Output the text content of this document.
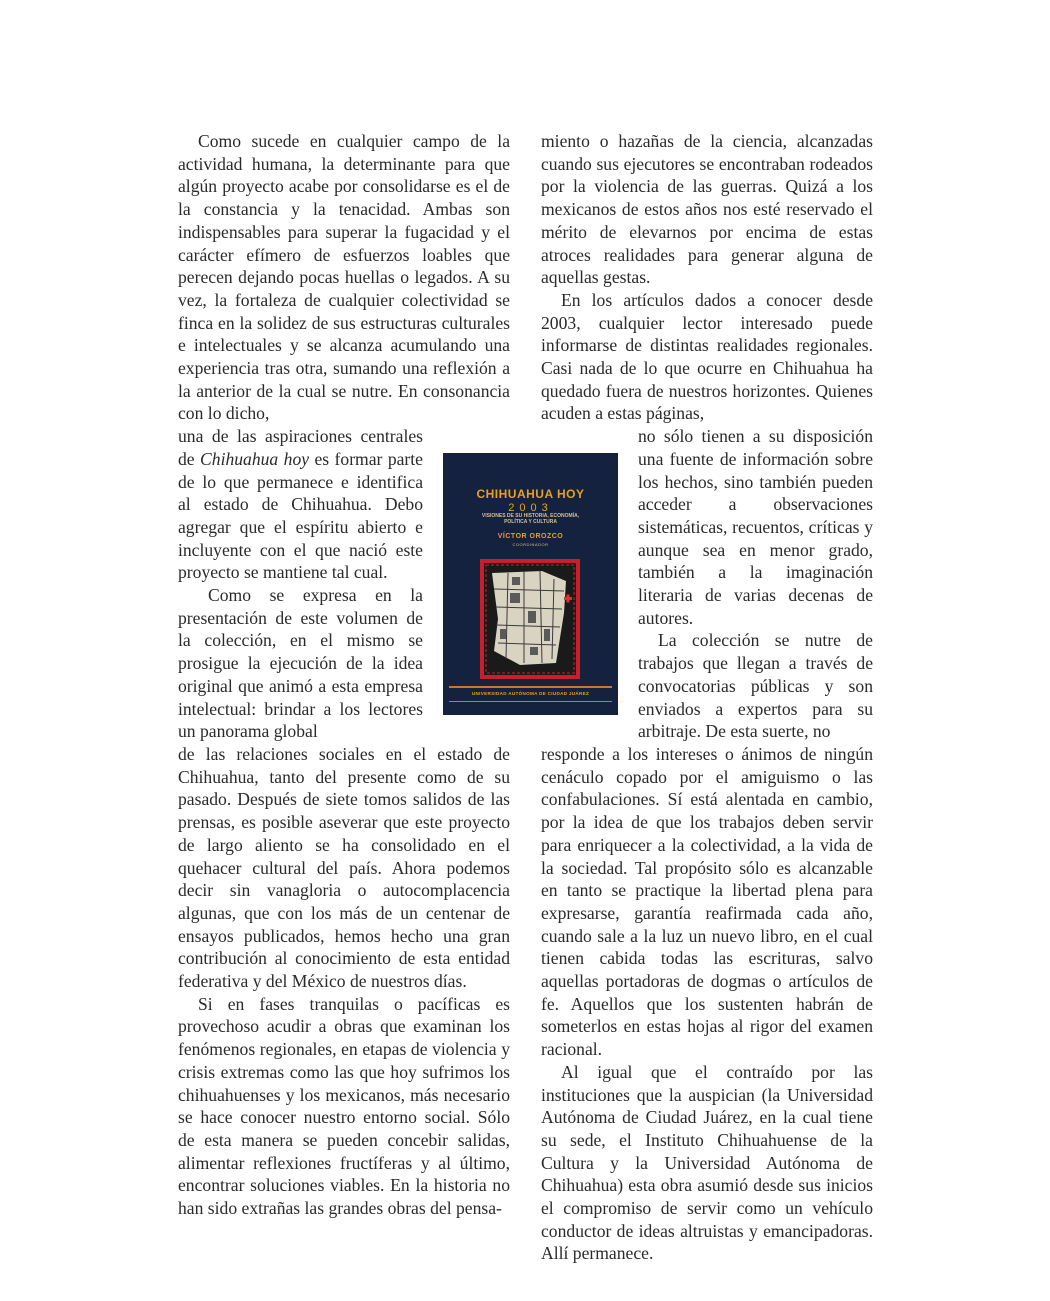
Como sucede en cualquier campo de la actividad humana, la determinante para que algún proyecto acabe por consolidarse es el de la constancia y la tenacidad. Ambas son indispensables para superar la fugacidad y el carácter efímero de esfuerzos loables que perecen dejando pocas huellas o legados. A su vez, la fortaleza de cualquier colectividad se finca en la solidez de sus estructuras culturales e intelectuales y se alcanza acumulando una experiencia tras otra, sumando una reflexión a la anterior de la cual se nutre. En consonancia con lo dicho,

una de las aspiraciones centrales de Chihuahua hoy es formar parte de lo que permanece e identifica al estado de Chihuahua. Debo agregar que el espíritu abierto e incluyente con el que nació este proyecto se mantiene tal cual.

Como se expresa en la presentación de este volumen de la colección, en el mismo se prosigue la ejecución de la idea original que animó a esta empresa intelectual: brindar a los lectores un panorama global

de las relaciones sociales en el estado de Chihuahua, tanto del presente como de su pasado. Después de siete tomos salidos de las prensas, es posible aseverar que este proyecto de largo aliento se ha consolidado en el quehacer cultural del país. Ahora podemos decir sin vanagloria o autocomplacencia algunas, que con los más de un centenar de ensayos publicados, hemos hecho una gran contribución al conocimiento de esta entidad federativa y del México de nuestros días.

Si en fases tranquilas o pacíficas es provechoso acudir a obras que examinan los fenómenos regionales, en etapas de violencia y crisis extremas como las que hoy sufrimos los chihuahuenses y los mexicanos, más necesario se hace conocer nuestro entorno social. Sólo de esta manera se pueden concebir salidas, alimentar reflexiones fructíferas y al último, encontrar soluciones viables. En la historia no han sido extrañas las grandes obras del pensa-

miento o hazañas de la ciencia, alcanzadas cuando sus ejecutores se encontraban rodeados por la violencia de las guerras. Quizá a los mexicanos de estos años nos esté reservado el mérito de elevarnos por encima de estas atroces realidades para generar alguna de aquellas gestas.

En los artículos dados a conocer desde 2003, cualquier lector interesado puede informarse de distintas realidades regionales. Casi nada de lo que ocurre en Chihuahua ha quedado fuera de nuestros horizontes. Quienes acuden a estas páginas,

no sólo tienen a su disposición una fuente de información sobre los hechos, sino también pueden acceder a observaciones sistemáticas, recuentos, críticas y aunque sea en menor grado, también a la imaginación literaria de varias decenas de autores.

La colección se nutre de trabajos que llegan a través de convocatorias públicas y son enviados a expertos para su arbitraje. De esta suerte, no

responde a los intereses o ánimos de ningún cenáculo copado por el amiguismo o las confabulaciones. Sí está alentada en cambio, por la idea de que los trabajos deben servir para enriquecer a la colectividad, a la vida de la sociedad. Tal propósito sólo es alcanzable en tanto se practique la libertad plena para expresarse, garantía reafirmada cada año, cuando sale a la luz un nuevo libro, en el cual tienen cabida todas las escrituras, salvo aquellas portadoras de dogmas o artículos de fe. Aquellos que los sustenten habrán de someterlos en estas hojas al rigor del examen racional.

Al igual que el contraído por las instituciones que la auspician (la Universidad Autónoma de Ciudad Juárez, en la cual tiene su sede, el Instituto Chihuahuense de la Cultura y la Universidad Autónoma de Chihuahua) esta obra asumió desde sus inicios el compromiso de servir como un vehículo conductor de ideas altruistas y emancipadoras. Allí permanece.

CHIHUAHUA HOY
2003
VISIONES DE SU HISTORIA, ECONOMÍA, POLÍTICA Y CULTURA
VÍCTOR OROZCO
COORDINADOR
UNIVERSIDAD AUTÓNOMA DE CIUDAD JUÁREZ
